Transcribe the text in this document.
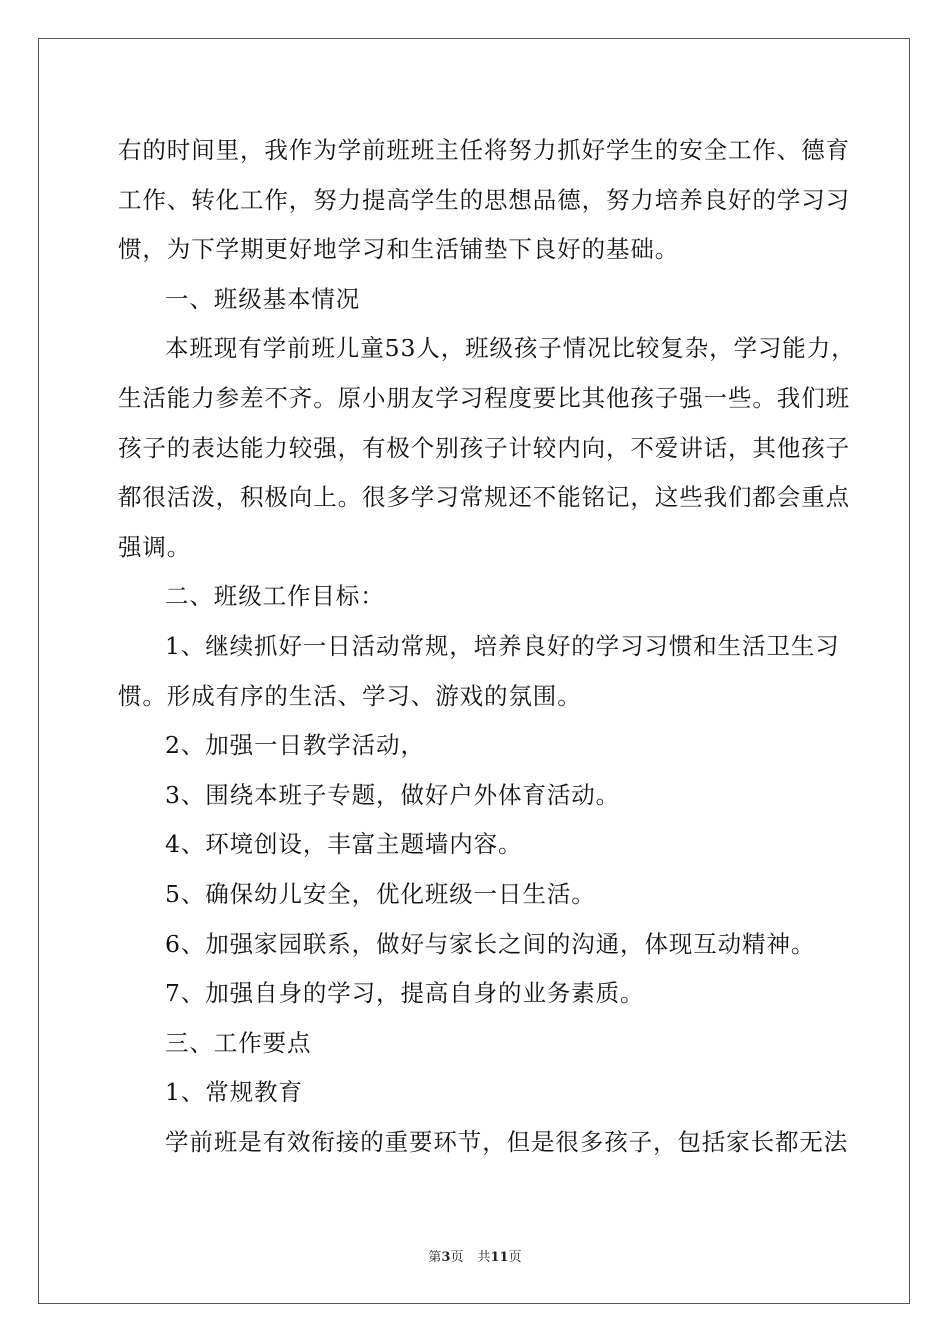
右的时间里，我作为学前班班主任将努力抓好学生的安全工作、德育
工作、转化工作，努力提高学生的思想品德，努力培养良好的学习习
惯，为下学期更好地学习和生活铺垫下良好的基础。
一、班级基本情况
本班现有学前班儿童53人，班级孩子情况比较复杂，学习能力，
生活能力参差不齐。原小朋友学习程度要比其他孩子强一些。我们班
孩子的表达能力较强，有极个别孩子计较内向，不爱讲话，其他孩子
都很活泼，积极向上。很多学习常规还不能铭记，这些我们都会重点
强调。
二、班级工作目标：
1、继续抓好一日活动常规，培养良好的学习习惯和生活卫生习
惯。形成有序的生活、学习、游戏的氛围。
2、加强一日教学活动，
3、围绕本班子专题，做好户外体育活动。
4、环境创设，丰富主题墙内容。
5、确保幼儿安全，优化班级一日生活。
6、加强家园联系，做好与家长之间的沟通，体现互动精神。
7、加强自身的学习，提高自身的业务素质。
三、工作要点
1、常规教育
学前班是有效衔接的重要环节，但是很多孩子，包括家长都无法
第3页 共11页
